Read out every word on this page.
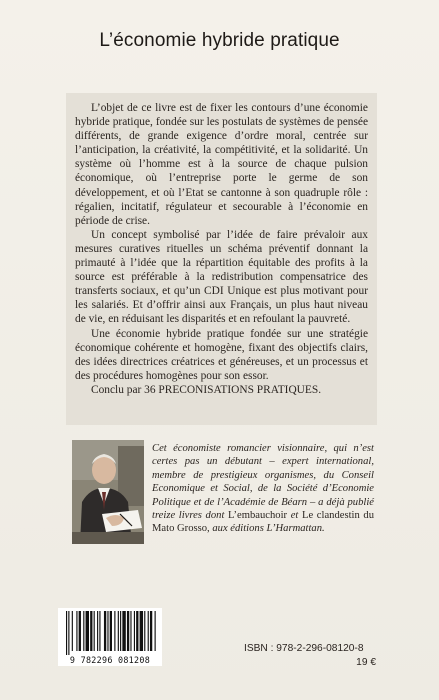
L’économie hybride pratique

L’objet de ce livre est de fixer les contours d’une économie hybride pratique, fondée sur les postulats de systèmes de pensée différents, de grande exigence d’ordre moral, centrée sur l’anticipation, la créativité, la compétitivité, et la solidarité. Un système où l’homme est à la source de chaque pulsion économique, où l’entreprise porte le germe de son développement, et où l’Etat se cantonne à son quadruple rôle : régalien, incitatif, régulateur et secourable à l’économie en période de crise.

Un concept symbolisé par l’idée de faire prévaloir aux mesures curatives rituelles un schéma préventif donnant la primauté à l’idée que la répartition équitable des profits à la source est préférable à la redistribution compensatrice des transferts sociaux, et qu’un CDI Unique est plus motivant pour les salariés. Et d’offrir ainsi aux Français, un plus haut niveau de vie, en réduisant les disparités et en refoulant la pauvreté.

Une économie hybride pratique fondée sur une stratégie économique cohérente et homogène, fixant des objectifs clairs, des idées directrices créatrices et généreuses, et un processus et des procédures homogènes pour son essor.

Conclu par 36 PRECONISATIONS PRATIQUES.

Cet économiste romancier visionnaire, qui n’est certes pas un débutant – expert international, membre de prestigieux organismes, du Conseil Economique et Social, de la Société d’Economie Politique et de l’Académie de Béarn – a déjà publié treize livres dont L’embauchoir et Le clandestin du Mato Grosso, aux éditions L’Harmattan.
9 782296 081208
ISBN : 978-2-296-08120-8
19 €
